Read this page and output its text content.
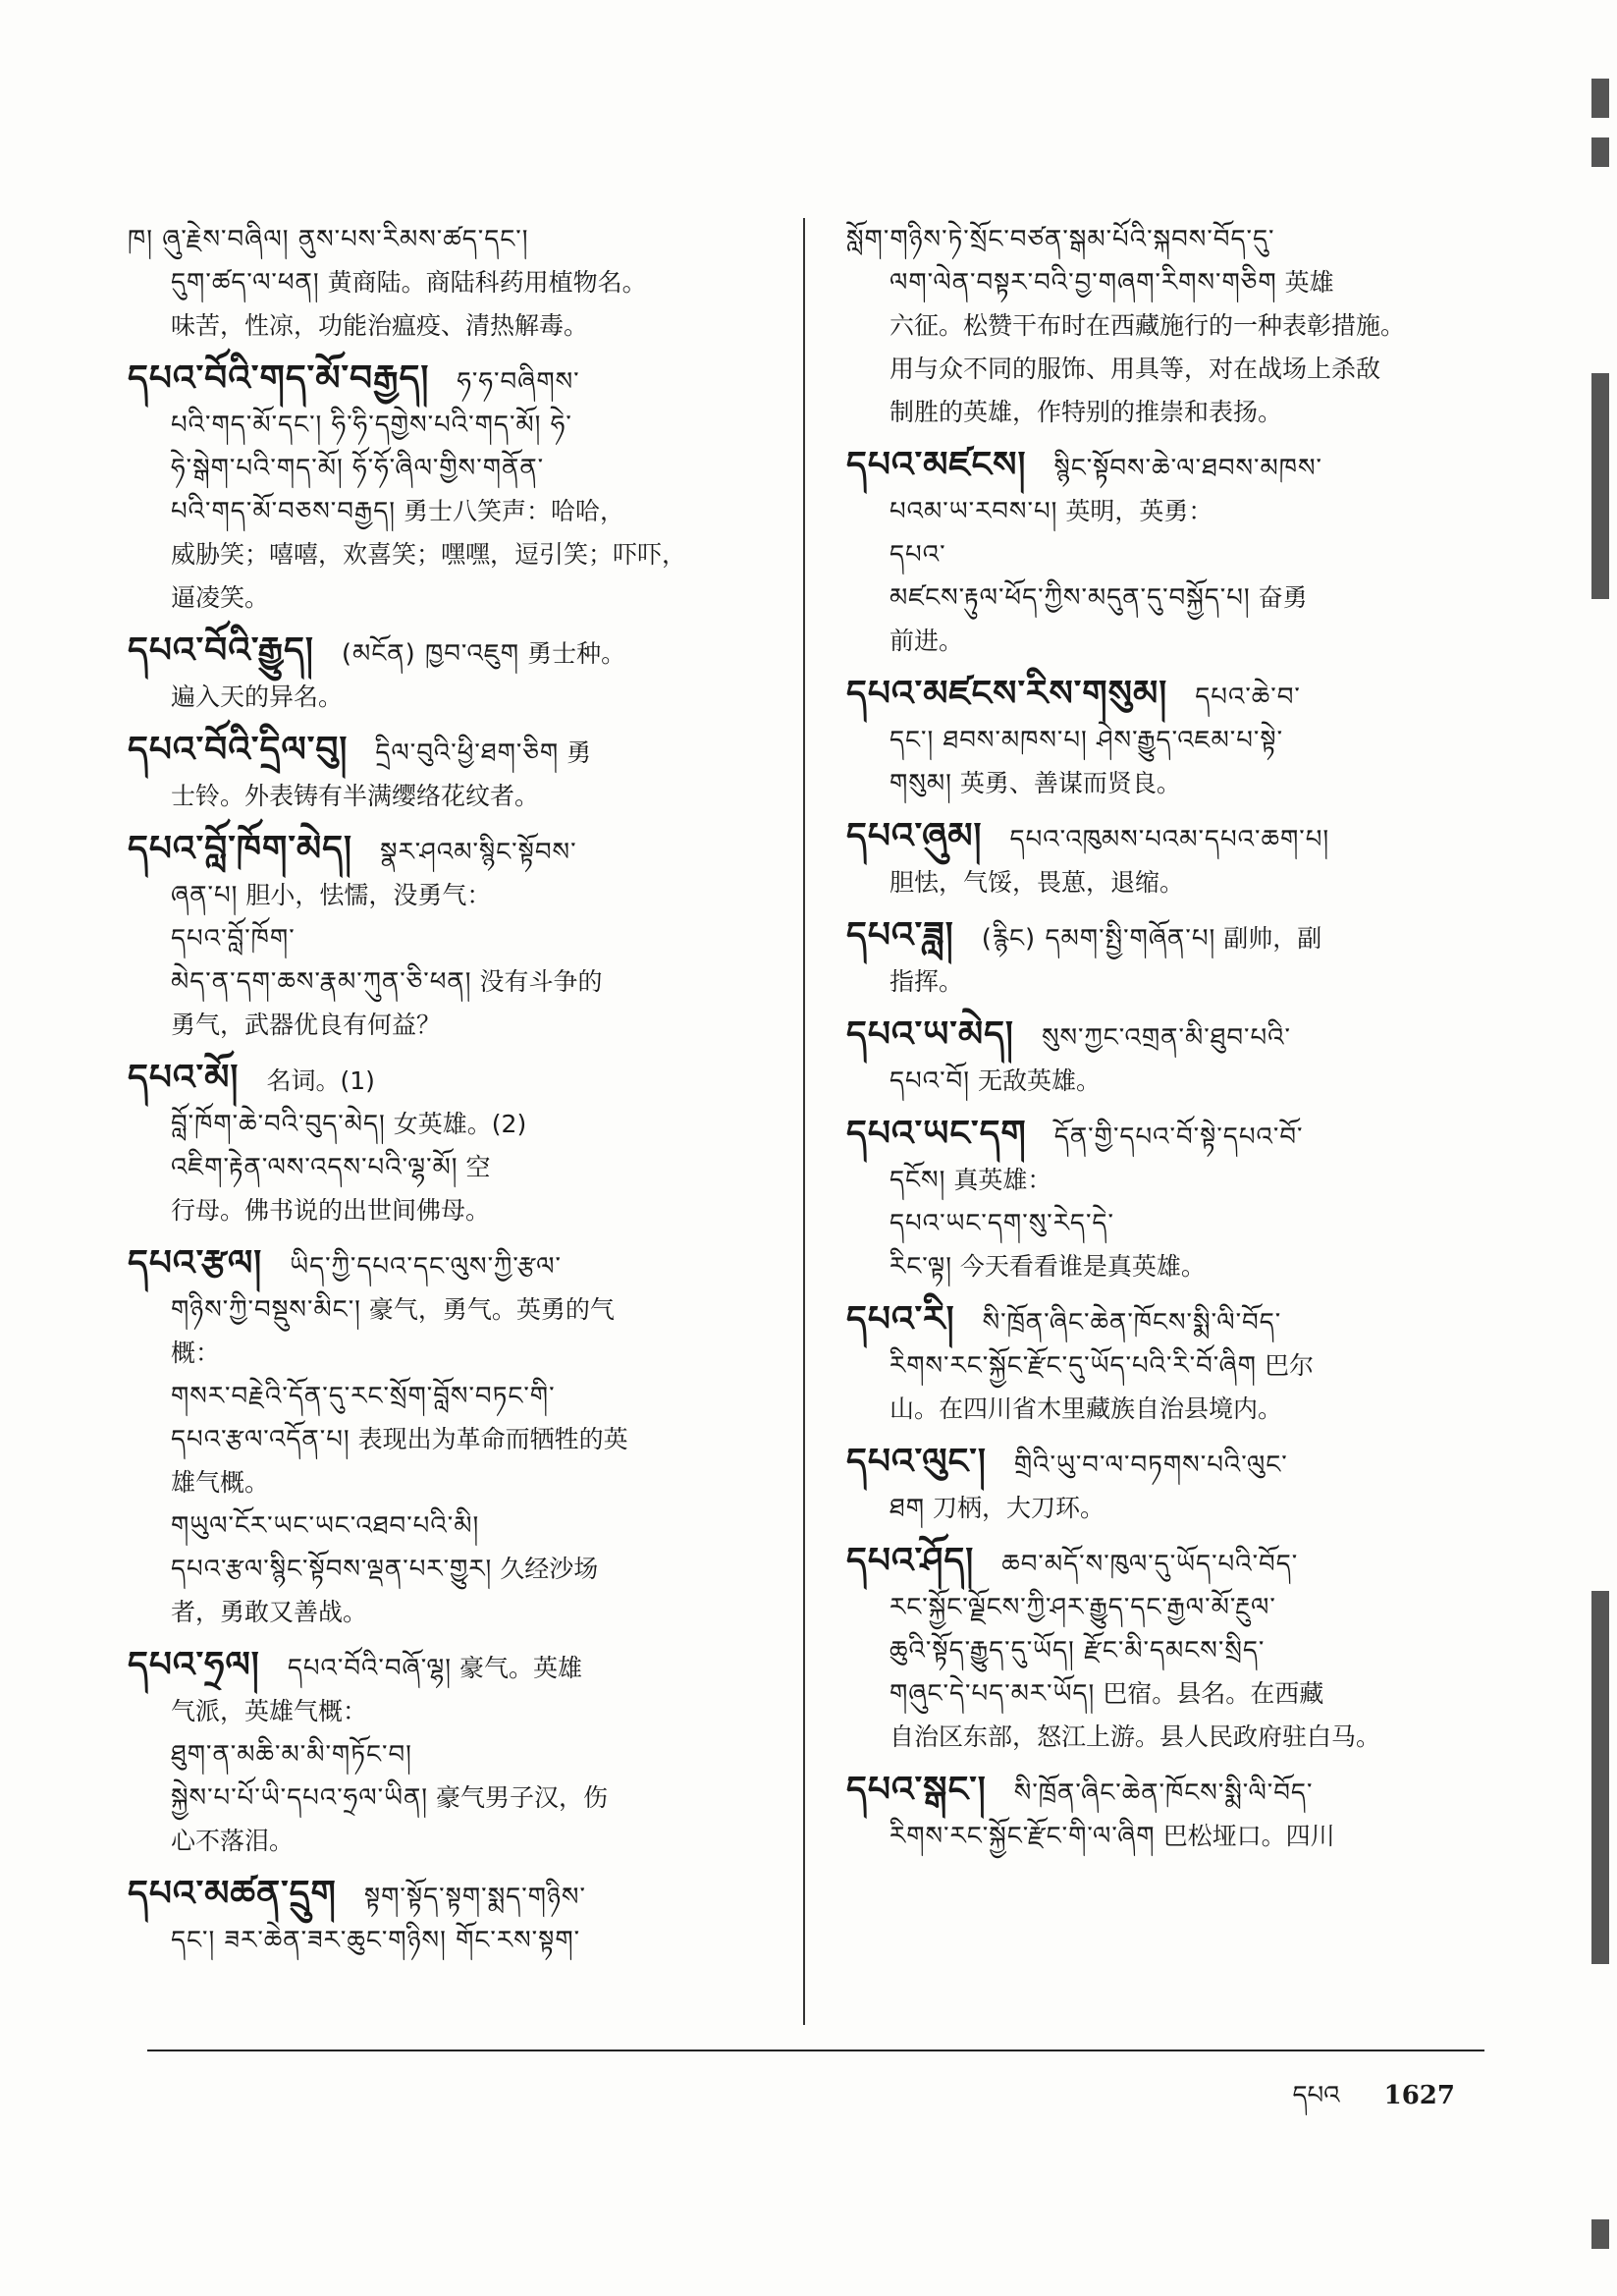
ཁ། ཞུ་རྗེས་བཞིལ། ནུས་པས་རིམས་ཚད་དང་།
དུག་ཚད་ལ་ཕན། 黄商陆。商陆科药用植物名。
味苦，性凉，功能治瘟疫、清热解毒。
དཔའ་བོའི་གད་མོ་བརྒྱད། ཧ་ཧ་བཞིགས་
པའི་གད་མོ་དང་། ཧི་ཧི་དགྱེས་པའི་གད་མོ། ཧེ་
ཧེ་སྒེག་པའི་གད་མོ། ཧོ་ཧོ་ཞིལ་གྱིས་གནོན་
པའི་གད་མོ་བཅས་བརྒྱད། 勇士八笑声：哈哈，
威胁笑；嘻嘻，欢喜笑；嘿嘿，逗引笑；吓吓，
逼凌笑。
དཔའ་བོའི་རྒྱུད། (མངོན) ཁྱབ་འཇུག 勇士种。
遍入天的异名。
དཔའ་བོའི་དྲིལ་བུ། དྲིལ་བུའི་ཕྱི་ཐག་ཅིག 勇
士铃。外表铸有半满缨络花纹者。
དཔའ་བློ་ཁོག་མེད། སྣར་ཤའམ་སྙིང་སྟོབས་
ཞན་པ། 胆小，怯懦，没勇气：
དཔའ་བློ་ཁོག་
མེད་ན་དག་ཆས་རྣམ་ཀུན་ཅི་ཕན། 没有斗争的
勇气，武器优良有何益？
དཔའ་མོ། 名词。(1)
བློ་ཁོག་ཆེ་བའི་བུད་མེད། 女英雄。(2)
འཇིག་རྟེན་ལས་འདས་པའི་ལྷ་མོ། 空
行母。佛书说的出世间佛母。
དཔའ་རྩལ། ཡིད་ཀྱི་དཔའ་དང་ལུས་ཀྱི་རྩལ་
གཉིས་ཀྱི་བསྡུས་མིང་། 豪气，勇气。英勇的气
概：
གསར་བརྗེའི་དོན་དུ་རང་སྲོག་བློས་བཏང་གི་
དཔའ་རྩལ་འདོན་པ། 表现出为革命而牺牲的英
雄气概。
གཡུལ་ངོར་ཡང་ཡང་འཐབ་པའི་མི།
དཔའ་རྩལ་སྙིང་སྟོབས་ལྡན་པར་གྱུར། 久经沙场
者，勇敢又善战。
དཔའ་ཧྲལ། དཔའ་བོའི་བཞོ་ལྷ། 豪气。英雄
气派，英雄气概：
ཐུག་ན་མཆི་མ་མི་གཏོང་བ།
སྐྱེས་པ་པོ་ཡི་དཔའ་ཧྲལ་ཡིན། 豪气男子汉，伤
心不落泪。
དཔའ་མཚན་དྲུག སྟག་སྟོད་སྟག་སྨད་གཉིས་
དང་། ཟར་ཆེན་ཟར་ཆུང་གཉིས། གོང་རས་སྟག་
སློག་གཉིས་ཏེ་སྲོང་བཙན་སྒམ་པོའི་སྐབས་བོད་དུ་
ལག་ལེན་བསྟར་བའི་བྱ་གཞག་རིགས་གཅིག 英雄
六征。松赞干布时在西藏施行的一种表彰措施。
用与众不同的服饰、用具等，对在战场上杀敌
制胜的英雄，作特别的推崇和表扬。
དཔའ་མཛངས། སྙིང་སྟོབས་ཆེ་ལ་ཐབས་མཁས་
པའམ་ཡ་རབས་པ། 英明，英勇：
དཔའ་
མཛངས་རྟུལ་ཕོད་ཀྱིས་མདུན་དུ་བསྐྱོད་པ། 奋勇
前进。
དཔའ་མཛངས་རིས་གསུམ། དཔའ་ཆེ་བ་
དང་། ཐབས་མཁས་པ། ཤེས་རྒྱུད་འཇམ་པ་སྟེ་
གསུམ། 英勇、善谋而贤良。
དཔའ་ཞུམ། དཔའ་འཁུམས་པའམ་དཔའ་ཆག་པ།
胆怯，气馁，畏葸，退缩。
དཔའ་ཟླ། (རྙིང) དམག་སྤྱི་གཞོན་པ། 副帅，副
指挥。
དཔའ་ཡ་མེད། སུས་ཀྱང་འགྲན་མི་ཐུབ་པའི་
དཔའ་བོ། 无敌英雄。
དཔའ་ཡང་དག དོན་གྱི་དཔའ་བོ་སྟེ་དཔའ་བོ་
དངོས། 真英雄：
དཔའ་ཡང་དག་སུ་རེད་དེ་
རིང་ལྟ། 今天看看谁是真英雄。
དཔའ་རི། སི་ཁྲོན་ཞིང་ཆེན་ཁོངས་སྨི་ལི་བོད་
རིགས་རང་སྐྱོང་རྫོང་དུ་ཡོད་པའི་རི་བོ་ཞིག 巴尔
山。在四川省木里藏族自治县境内。
དཔའ་ལུང་། གྲིའི་ཡུ་བ་ལ་བཏགས་པའི་ལུང་
ཐག 刀柄，大刀环。
དཔའ་ཤོད། ཆབ་མདོ་ས་ཁུལ་དུ་ཡོད་པའི་བོད་
རང་སྐྱོང་ལྗོངས་ཀྱི་ཤར་རྒྱུད་དང་རྒྱལ་མོ་རྔུལ་
ཆུའི་སྟོད་རྒྱུད་དུ་ཡོད། རྫོང་མི་དམངས་སྲིད་
གཞུང་དེ་པད་མར་ཡོད། 巴宿。县名。在西藏
自治区东部，怒江上游。县人民政府驻白马。
དཔའ་སྒང་། སི་ཁྲོན་ཞིང་ཆེན་ཁོངས་སྨི་ལི་བོད་
རིགས་རང་སྐྱོང་རྫོང་གི་ལ་ཞིག 巴松垭口。四川
དཔའ 1627
